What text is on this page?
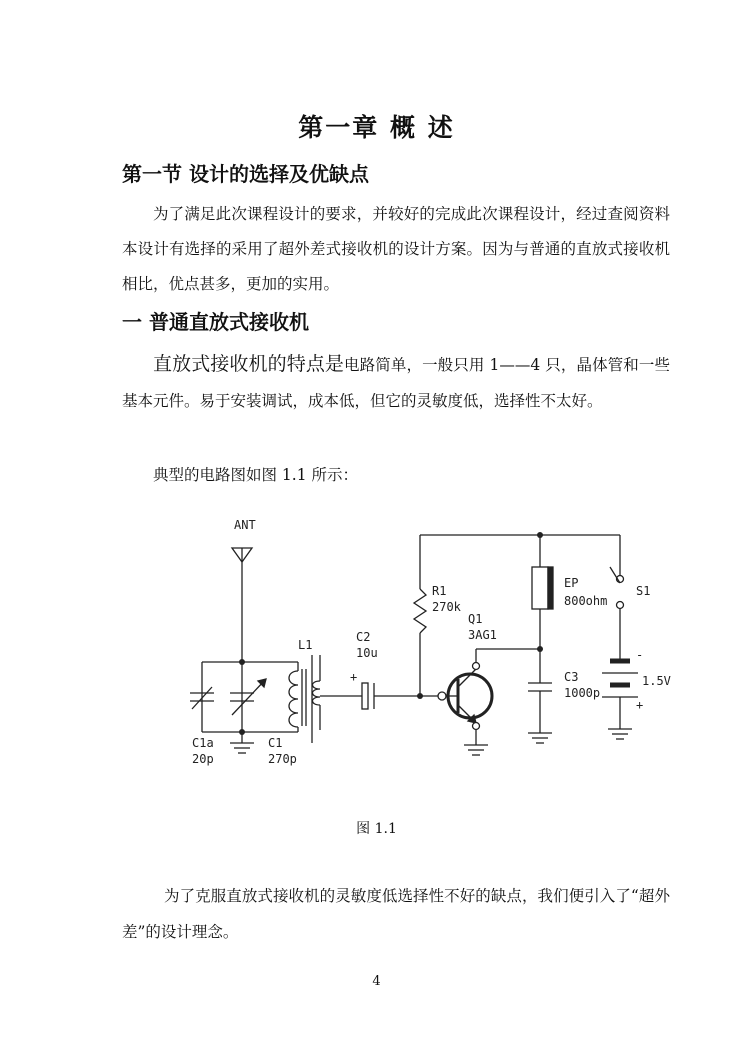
第一章 概 述
第一节 设计的选择及优缺点
为了满足此次课程设计的要求，并较好的完成此次课程设计，经过查阅资料本设计有选择的采用了超外差式接收机的设计方案。因为与普通的直放式接收机相比，优点甚多，更加的实用。
一 普通直放式接收机
直放式接收机的特点是电路简单，一般只用 1——4 只，晶体管和一些基本元件。易于安装调试，成本低，但它的灵敏度低，选择性不太好。
典型的电路图如图 1.1 所示：
ANT
L1
C2
10u
+
R1
270k
Q1
3AG1
EP
800ohm
S1
C3
1000p
1.5V
-
+
C1a
20p
C1
270p
图 1.1
为了克服直放式接收机的灵敏度低选择性不好的缺点，我们便引入了“超外差”的设计理念。
4
